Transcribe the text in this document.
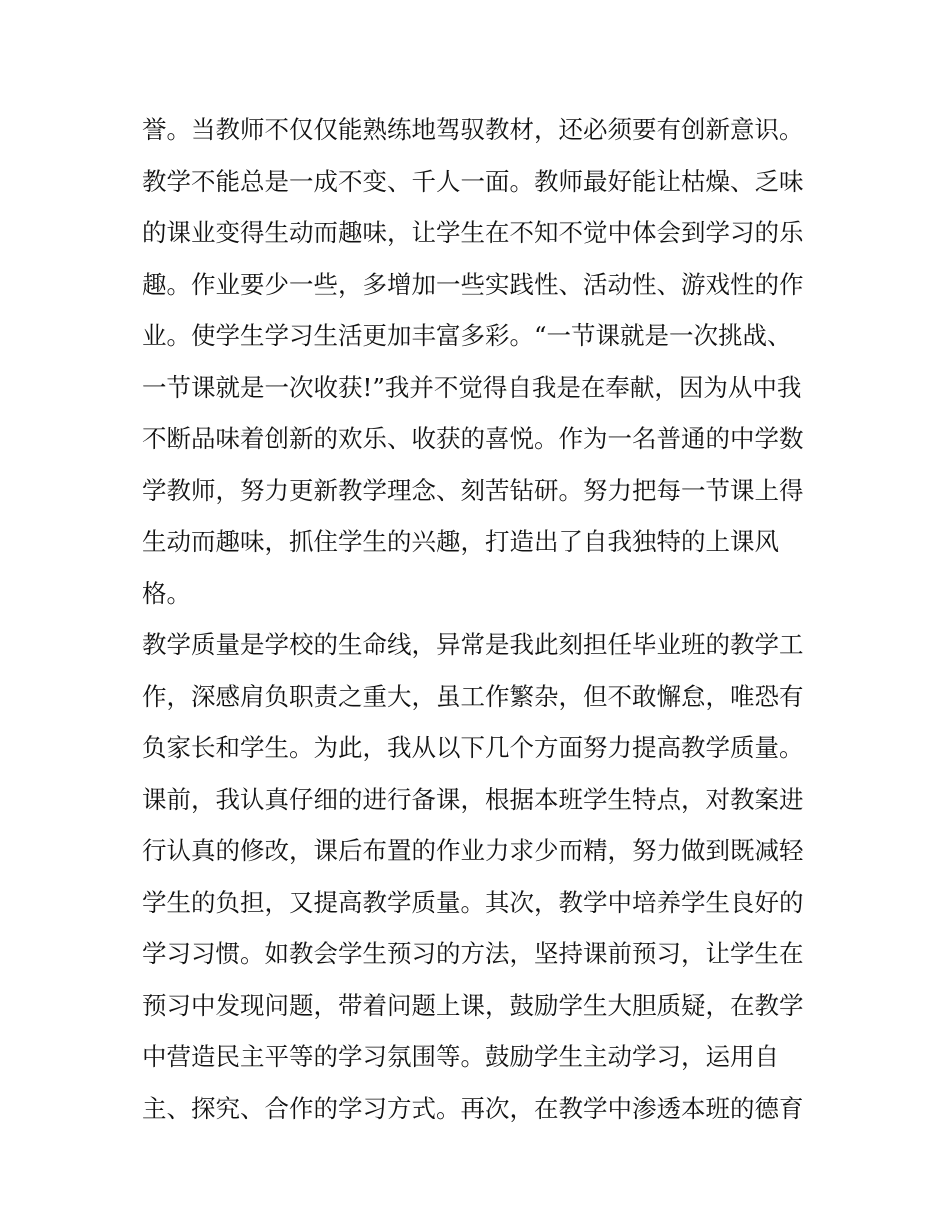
誉。当教师不仅仅能熟练地驾驭教材，还必须要有创新意识。
教学不能总是一成不变、千人一面。教师最好能让枯燥、乏味
的课业变得生动而趣味，让学生在不知不觉中体会到学习的乐
趣。作业要少一些，多增加一些实践性、活动性、游戏性的作
业。使学生学习生活更加丰富多彩。“一节课就是一次挑战、
一节课就是一次收获!”我并不觉得自我是在奉献，因为从中我
不断品味着创新的欢乐、收获的喜悦。作为一名普通的中学数
学教师，努力更新教学理念、刻苦钻研。努力把每一节课上得
生动而趣味，抓住学生的兴趣，打造出了自我独特的上课风
格。
教学质量是学校的生命线，异常是我此刻担任毕业班的教学工
作，深感肩负职责之重大，虽工作繁杂，但不敢懈怠，唯恐有
负家长和学生。为此，我从以下几个方面努力提高教学质量。
课前，我认真仔细的进行备课，根据本班学生特点，对教案进
行认真的修改，课后布置的作业力求少而精，努力做到既减轻
学生的负担，又提高教学质量。其次，教学中培养学生良好的
学习习惯。如教会学生预习的方法，坚持课前预习，让学生在
预习中发现问题，带着问题上课，鼓励学生大胆质疑，在教学
中营造民主平等的学习氛围等。鼓励学生主动学习，运用自
主、探究、合作的学习方式。再次，在教学中渗透本班的德育
